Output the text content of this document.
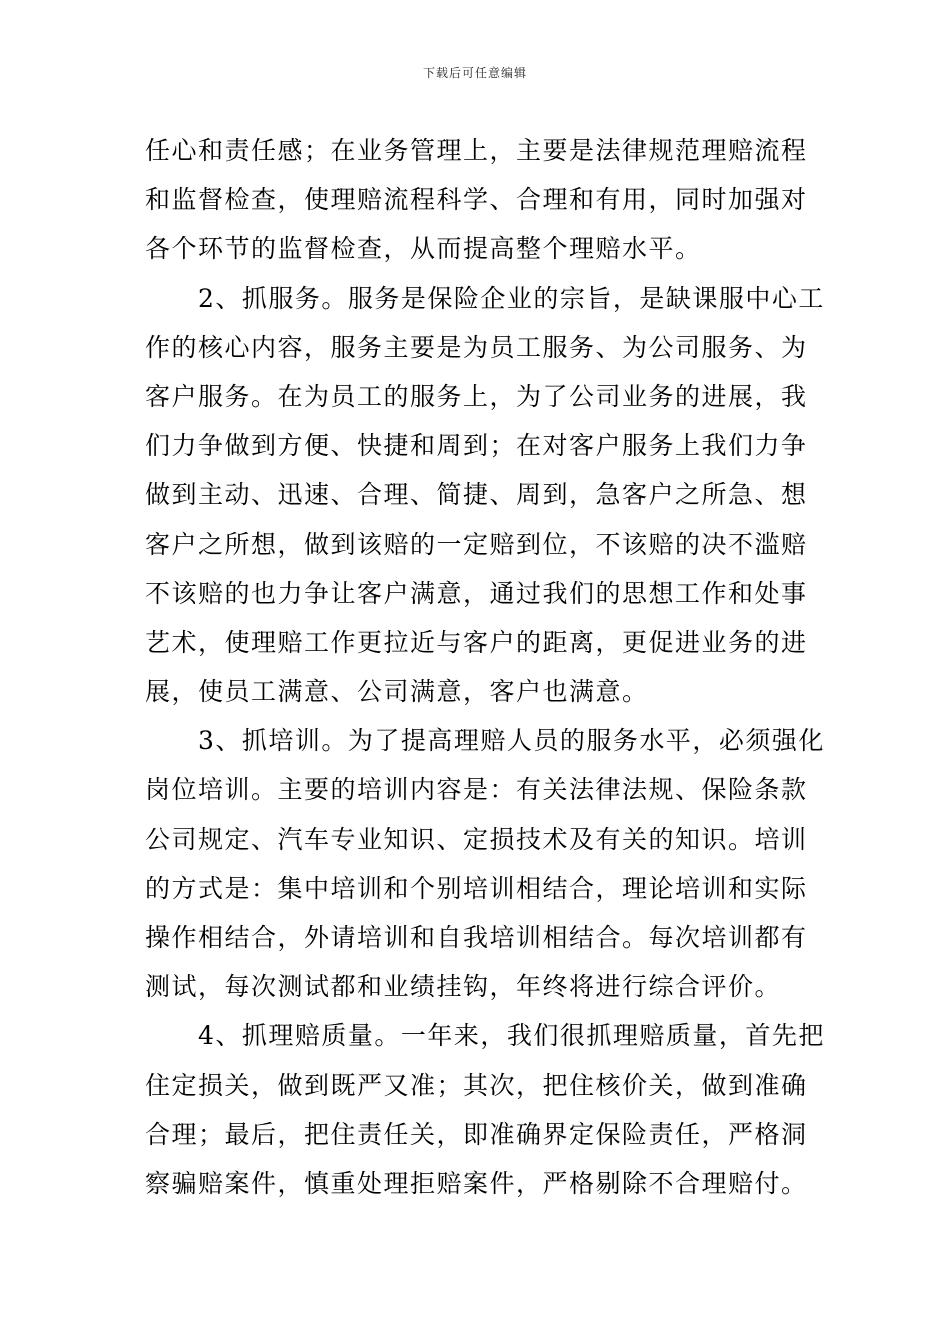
下载后可任意编辑
任心和责任感；在业务管理上，主要是法律规范理赔流程
和监督检查，使理赔流程科学、合理和有用，同时加强对
各个环节的监督检查，从而提高整个理赔水平。
　　2、抓服务。服务是保险企业的宗旨，是缺课服中心工
作的核心内容，服务主要是为员工服务、为公司服务、为
客户服务。在为员工的服务上，为了公司业务的进展，我
们力争做到方便、快捷和周到；在对客户服务上我们力争
做到主动、迅速、合理、简捷、周到，急客户之所急、想
客户之所想，做到该赔的一定赔到位，不该赔的决不滥赔
不该赔的也力争让客户满意，通过我们的思想工作和处事
艺术，使理赔工作更拉近与客户的距离，更促进业务的进
展，使员工满意、公司满意，客户也满意。
　　3、抓培训。为了提高理赔人员的服务水平，必须强化
岗位培训。主要的培训内容是：有关法律法规、保险条款
公司规定、汽车专业知识、定损技术及有关的知识。培训
的方式是：集中培训和个别培训相结合，理论培训和实际
操作相结合，外请培训和自我培训相结合。每次培训都有
测试，每次测试都和业绩挂钩，年终将进行综合评价。
　　4、抓理赔质量。一年来，我们很抓理赔质量，首先把
住定损关，做到既严又准；其次，把住核价关，做到准确
合理；最后，把住责任关，即准确界定保险责任，严格洞
察骗赔案件，慎重处理拒赔案件，严格剔除不合理赔付。
